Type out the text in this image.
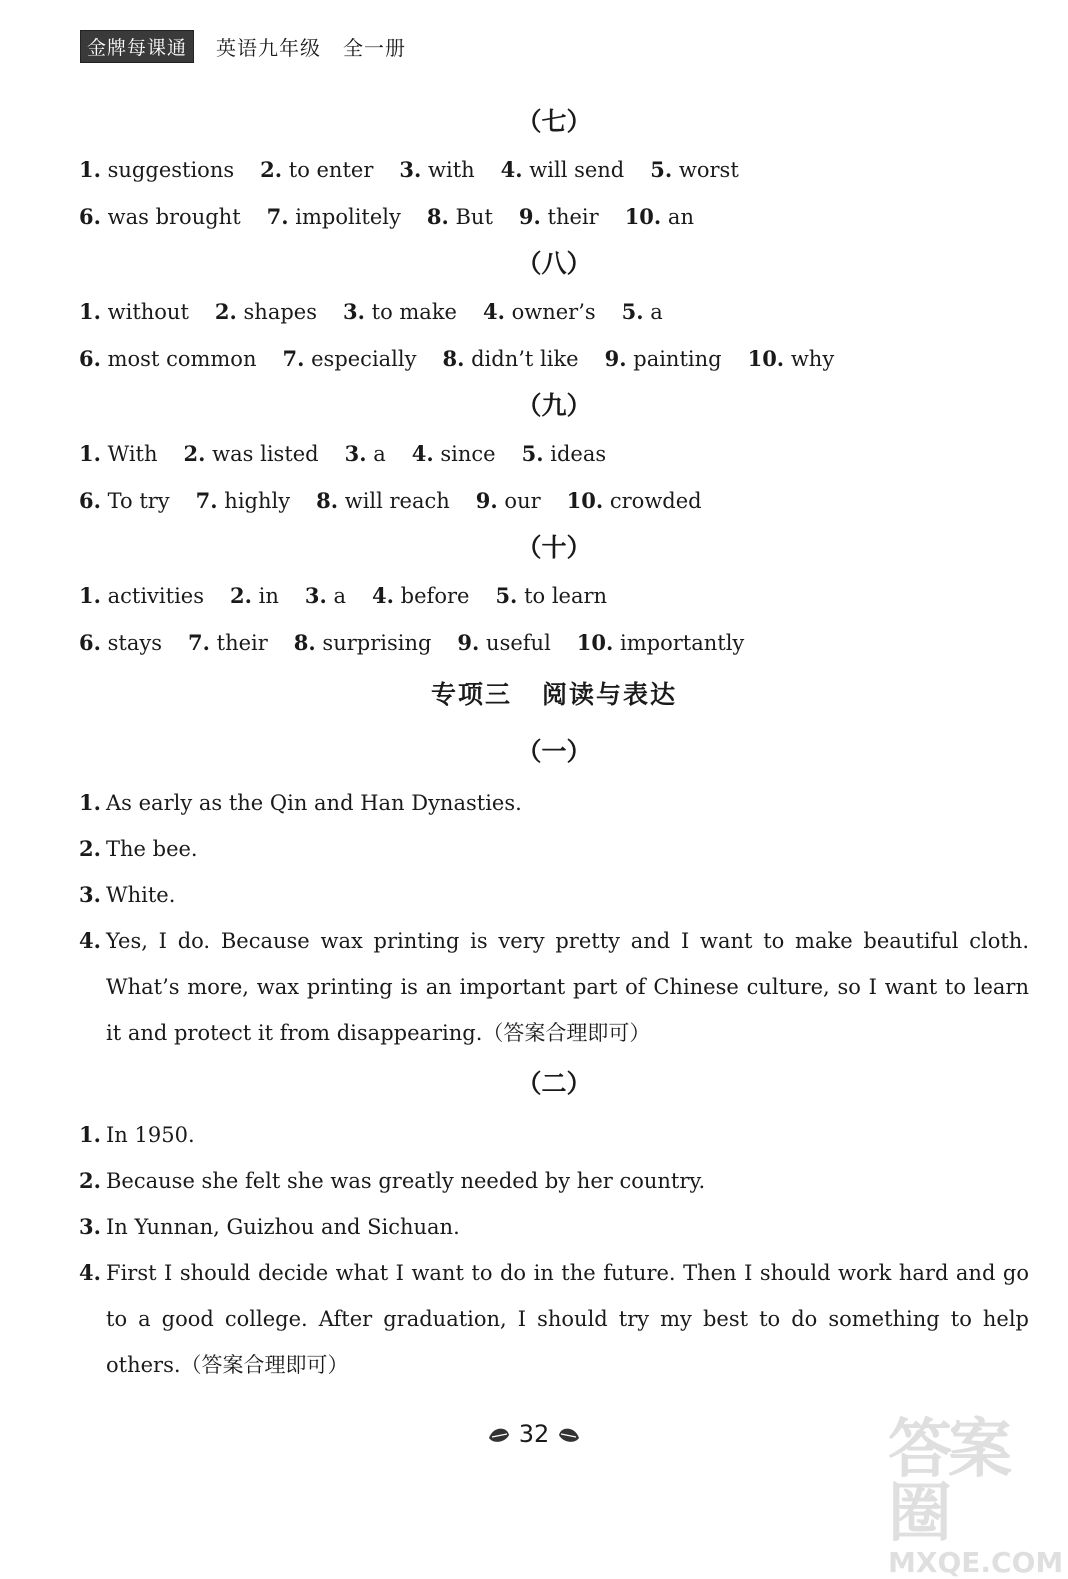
金牌每课通	英语九年级 全一册
（七）
1. suggestions 2. to enter 3. with 4. will send 5. worst
6. was brought 7. impolitely 8. But 9. their 10. an
（八）
1. without 2. shapes 3. to make 4. owner’s 5. a
6. most common 7. especially 8. didn’t like 9. painting 10. why
（九）
1. With 2. was listed 3. a 4. since 5. ideas
6. To try 7. highly 8. will reach 9. our 10. crowded
（十）
1. activities 2. in 3. a 4. before 5. to learn
6. stays 7. their 8. surprising 9. useful 10. importantly
专项三 阅读与表达
（一）
1. As early as the Qin and Han Dynasties.
2. The bee.
3. White.
4. Yes, I do. Because wax printing is very pretty and I want to make beautiful cloth. What’s more, wax printing is an important part of Chinese culture, so I want to learn it and protect it from disappearing.（答案合理即可）
（二）
1. In 1950.
2. Because she felt she was greatly needed by her country.
3. In Yunnan, Guizhou and Sichuan.
4. First I should decide what I want to do in the future. Then I should work hard and go to a good college. After graduation, I should try my best to do something to help others.（答案合理即可）
32	答案圈
MXQE.COM
